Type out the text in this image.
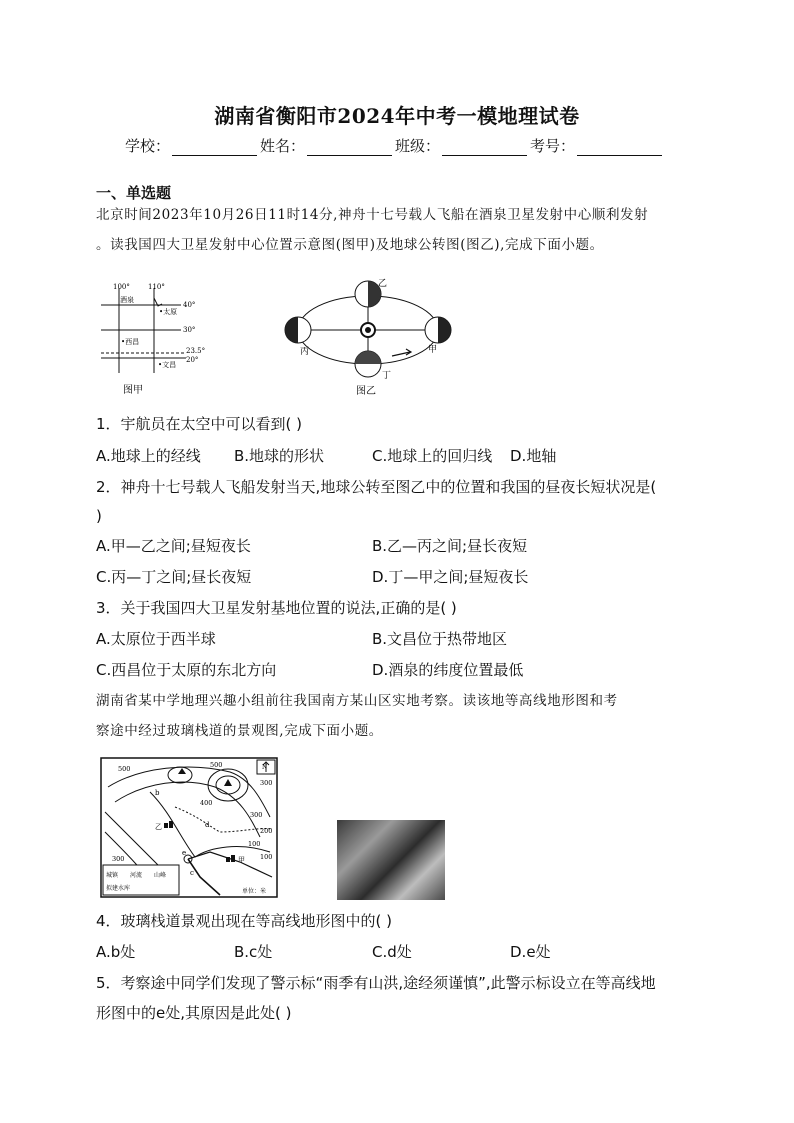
湖南省衡阳市2024年中考一模地理试卷
学校：	姓名：	班级：	考号：
一、单选题
北京时间2023年10月26日11时14分,神舟十七号载人飞船在酒泉卫星发射中心顺利发射
。读我国四大卫星发射中心位置示意图(图甲)及地球公转图(图乙),完成下面小题。
100°	110°
40°
30°
23.5°
20°
酒泉
•太原
•西昌
•文昌
图甲
乙
丙	甲
丁
图乙
1．宇航员在太空中可以看到( )
A.地球上的经线 B.地球的形状	C.地球上的回归线 D.地轴
2．神舟十七号载人飞船发射当天,地球公转至图乙中的位置和我国的昼夜长短状况是(
)
A.甲—乙之间;昼短夜长	B.乙—丙之间;昼长夜短
C.丙—丁之间;昼长夜短	D.丁—甲之间;昼短夜长
3．关于我国四大卫星发射基地位置的说法,正确的是( )
A.太原位于西半球	B.文昌位于热带地区
C.西昌位于太原的东北方向	D.酒泉的纬度位置最低
湖南省某中学地理兴趣小组前往我国南方某山区实地考察。读该地等高线地形图和考
察途中经过玻璃栈道的景观图,完成下面小题。
500	500
300
400
100
300
100
300
200
甲
乙
b
c
d
e
N
城镇 河流 山峰
拟建水库	单位：米
4．玻璃栈道景观出现在等高线地形图中的( )
A.b处	B.c处	C.d处	D.e处
5．考察途中同学们发现了警示标“雨季有山洪,途经须谨慎”,此警示标设立在等高线地
形图中的e处,其原因是此处( )
